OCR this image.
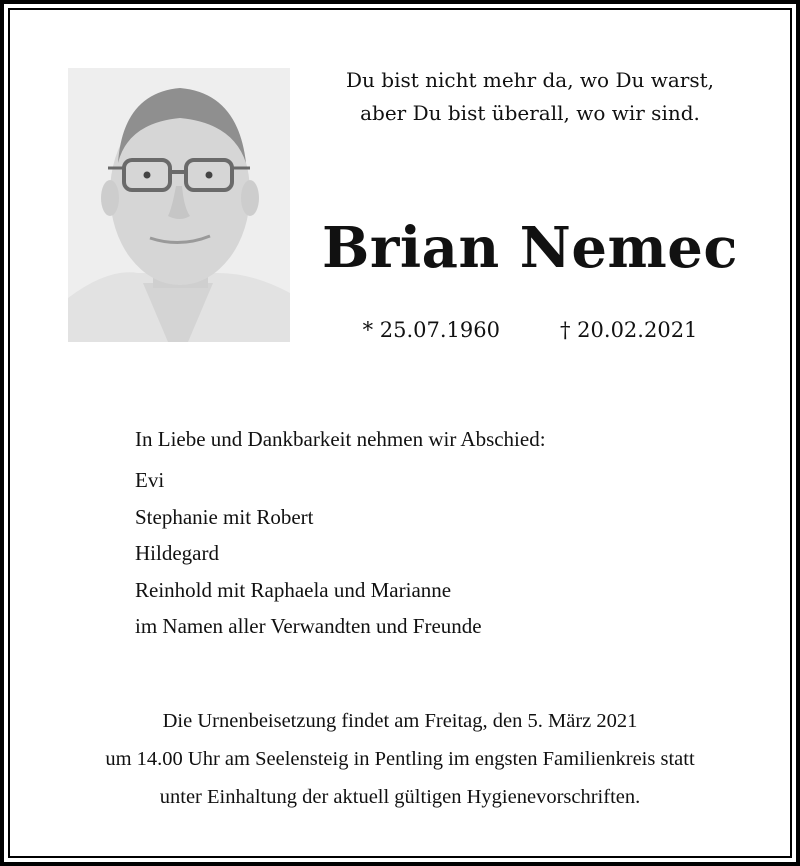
Du bist nicht mehr da, wo Du warst,
aber Du bist überall, wo wir sind.
Brian Nemec
* 25.07.1960	† 20.02.2021
In Liebe und Dankbarkeit nehmen wir Abschied:
Evi
Stephanie mit Robert
Hildegard
Reinhold mit Raphaela und Marianne
im Namen aller Verwandten und Freunde
Die Urnenbeisetzung findet am Freitag, den 5. März 2021
um 14.00 Uhr am Seelensteig in Pentling im engsten Familienkreis statt
unter Einhaltung der aktuell gültigen Hygienevorschriften.
